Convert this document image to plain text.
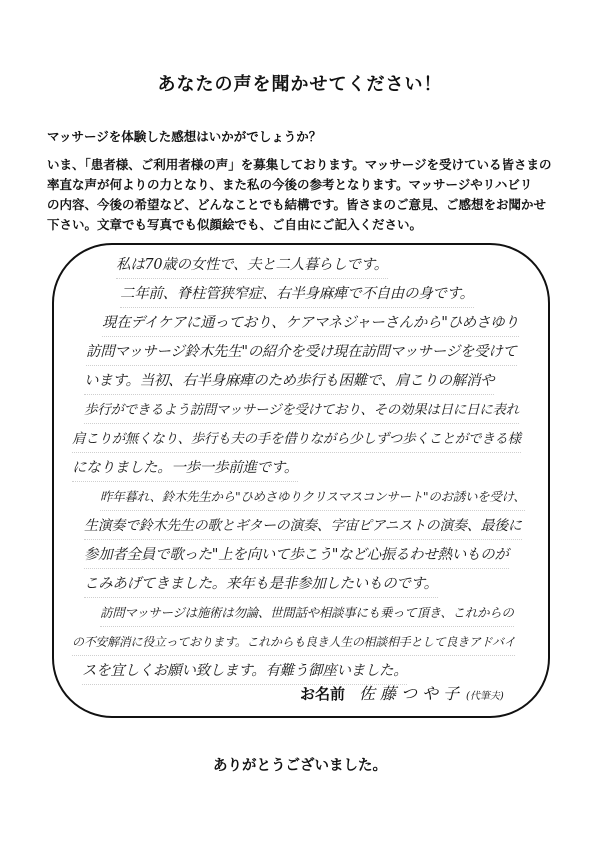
あなたの声を聞かせてください！
マッサージを体験した感想はいかがでしょうか？
いま、「患者様、ご利用者様の声」を募集しております。マッサージを受けている皆さまの
率直な声が何よりの力となり、また私の今後の参考となります。マッサージやリハビリ
の内容、今後の希望など、どんなことでも結構です。皆さまのご意見、ご感想をお聞かせ
下さい。文章でも写真でも似顔絵でも、ご自由にご記入ください。
私は70歳の女性で、夫と二人暮らしです。
二年前、脊柱管狭窄症、右半身麻痺で不自由の身です。
現在デイケアに通っており、ケアマネジャーさんから"ひめさゆり
訪問マッサージ鈴木先生"の紹介を受け現在訪問マッサージを受けて
います。当初、右半身麻痺のため歩行も困難で、肩こりの解消や
歩行ができるよう訪問マッサージを受けており、その効果は日に日に表れ
肩こりが無くなり、歩行も夫の手を借りながら少しずつ歩くことができる様
になりました。一歩一歩前進です。
昨年暮れ、鈴木先生から"ひめさゆりクリスマスコンサート"のお誘いを受け、
生演奏で鈴木先生の歌とギターの演奏、字宙ピアニストの演奏、最後に
参加者全員で歌った"上を向いて歩こう"など心振るわせ熱いものが
こみあげてきました。来年も是非参加したいものです。
訪問マッサージは施術は勿論、世間話や相談事にも乗って頂き、これからの
の不安解消に役立っております。これからも良き人生の相談相手として良きアドバイ
スを宜しくお願い致します。有難う御座いました。
お名前 佐藤つや子 (代筆夫)
ありがとうございました。
